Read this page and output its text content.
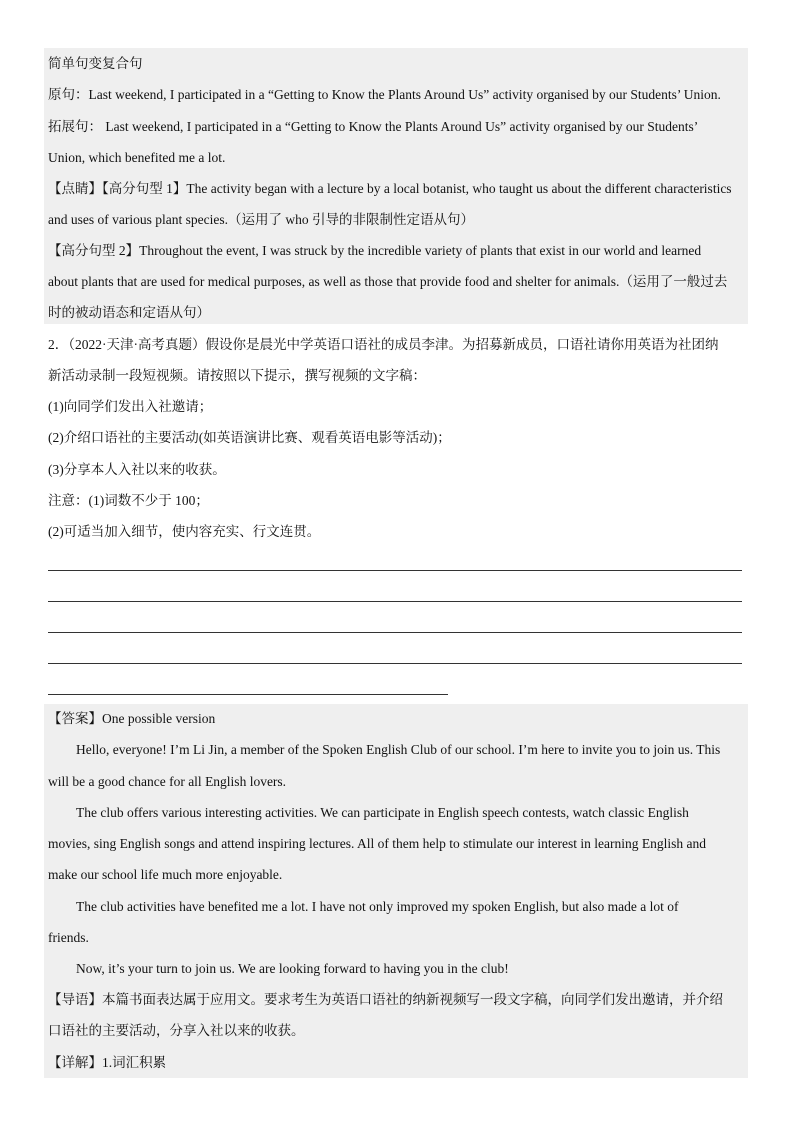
简单句变复合句
原句：Last weekend, I participated in a “Getting to Know the Plants Around Us” activity organised by our Students’ Union.
拓展句： Last weekend, I participated in a “Getting to Know the Plants Around Us” activity organised by our Students’
Union, which benefited me a lot.
【点睛】【高分句型 1】The activity began with a lecture by a local botanist, who taught us about the different characteristics
and uses of various plant species.（运用了 who 引导的非限制性定语从句）
【高分句型 2】Throughout the event, I was struck by the incredible variety of plants that exist in our world and learned
about plants that are used for medical purposes, as well as those that provide food and shelter for animals.（运用了一般过去
时的被动语态和定语从句）
2．（2022·天津·高考真题）假设你是晨光中学英语口语社的成员李津。为招募新成员，口语社请你用英语为社团纳
新活动录制一段短视频。请按照以下提示，撰写视频的文字稿：
(1)向同学们发出入社邀请；
(2)介绍口语社的主要活动(如英语演讲比赛、观看英语电影等活动)；
(3)分享本人入社以来的收获。
注意：(1)词数不少于 100；
(2)可适当加入细节，使内容充实、行文连贯。
【答案】One possible version
Hello, everyone! I’m Li Jin, a member of the Spoken English Club of our school. I’m here to invite you to join us. This
will be a good chance for all English lovers.
The club offers various interesting activities. We can participate in English speech contests, watch classic English
movies, sing English songs and attend inspiring lectures. All of them help to stimulate our interest in learning English and
make our school life much more enjoyable.
The club activities have benefited me a lot. I have not only improved my spoken English, but also made a lot of
friends.
Now, it’s your turn to join us. We are looking forward to having you in the club!
【导语】本篇书面表达属于应用文。要求考生为英语口语社的纳新视频写一段文字稿，向同学们发出邀请，并介绍
口语社的主要活动，分享入社以来的收获。
【详解】1.词汇积累
